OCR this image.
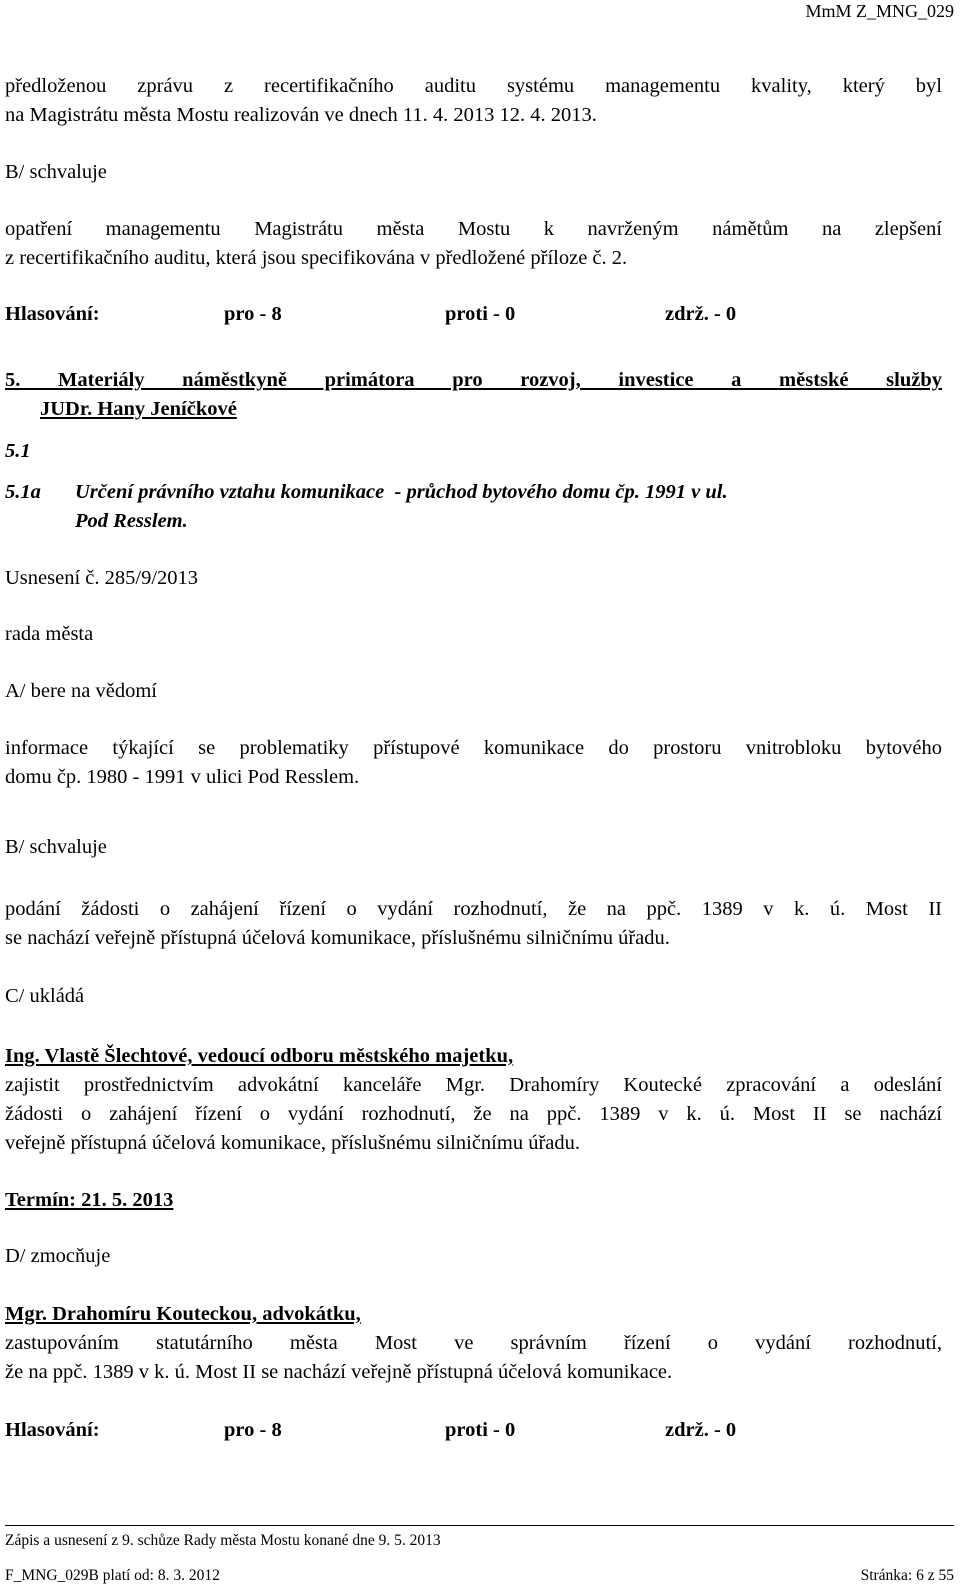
MmM Z_MNG_029
předloženou zprávu z recertifikačního auditu systému managementu kvality, který byl
na Magistrátu města Mostu realizován ve dnech 11. 4. 2013 12. 4. 2013.
B/ schvaluje
opatření managementu Magistrátu města Mostu k navrženým námětům na zlepšení
z recertifikačního auditu, která jsou specifikována v předložené příloze č. 2.
Hlasování:	pro - 8	proti - 0	zdrž. - 0
5. Materiály náměstkyně primátora pro rozvoj, investice a městské služby
JUDr. Hany Jeníčkové
5.1
5.1a Určení právního vztahu komunikace  - průchod bytového domu čp. 1991 v ul.
Pod Resslem.
Usnesení č. 285/9/2013
rada města
A/ bere na vědomí
informace týkající se problematiky přístupové komunikace do prostoru vnitrobloku bytového
domu čp. 1980 - 1991 v ulici Pod Resslem.
B/ schvaluje
podání žádosti o zahájení řízení o vydání rozhodnutí, že na ppč. 1389 v k. ú. Most II
se nachází veřejně přístupná účelová komunikace, příslušnému silničnímu úřadu.
C/ ukládá
Ing. Vlastě Šlechtové, vedoucí odboru městského majetku,
zajistit prostřednictvím advokátní kanceláře Mgr. Drahomíry Koutecké zpracování a odeslání
žádosti o zahájení řízení o vydání rozhodnutí, že na ppč. 1389 v k. ú. Most II se nachází
veřejně přístupná účelová komunikace, příslušnému silničnímu úřadu.
Termín: 21. 5. 2013
D/ zmocňuje
Mgr. Drahomíru Kouteckou, advokátku,
zastupováním statutárního města Most ve správním řízení o vydání rozhodnutí,
že na ppč. 1389 v k. ú. Most II se nachází veřejně přístupná účelová komunikace.
Hlasování:	pro - 8	proti - 0	zdrž. - 0
Zápis a usnesení z 9. schůze Rady města Mostu konané dne 9. 5. 2013
F_MNG_029B platí od: 8. 3. 2012	Stránka: 6 z 55
